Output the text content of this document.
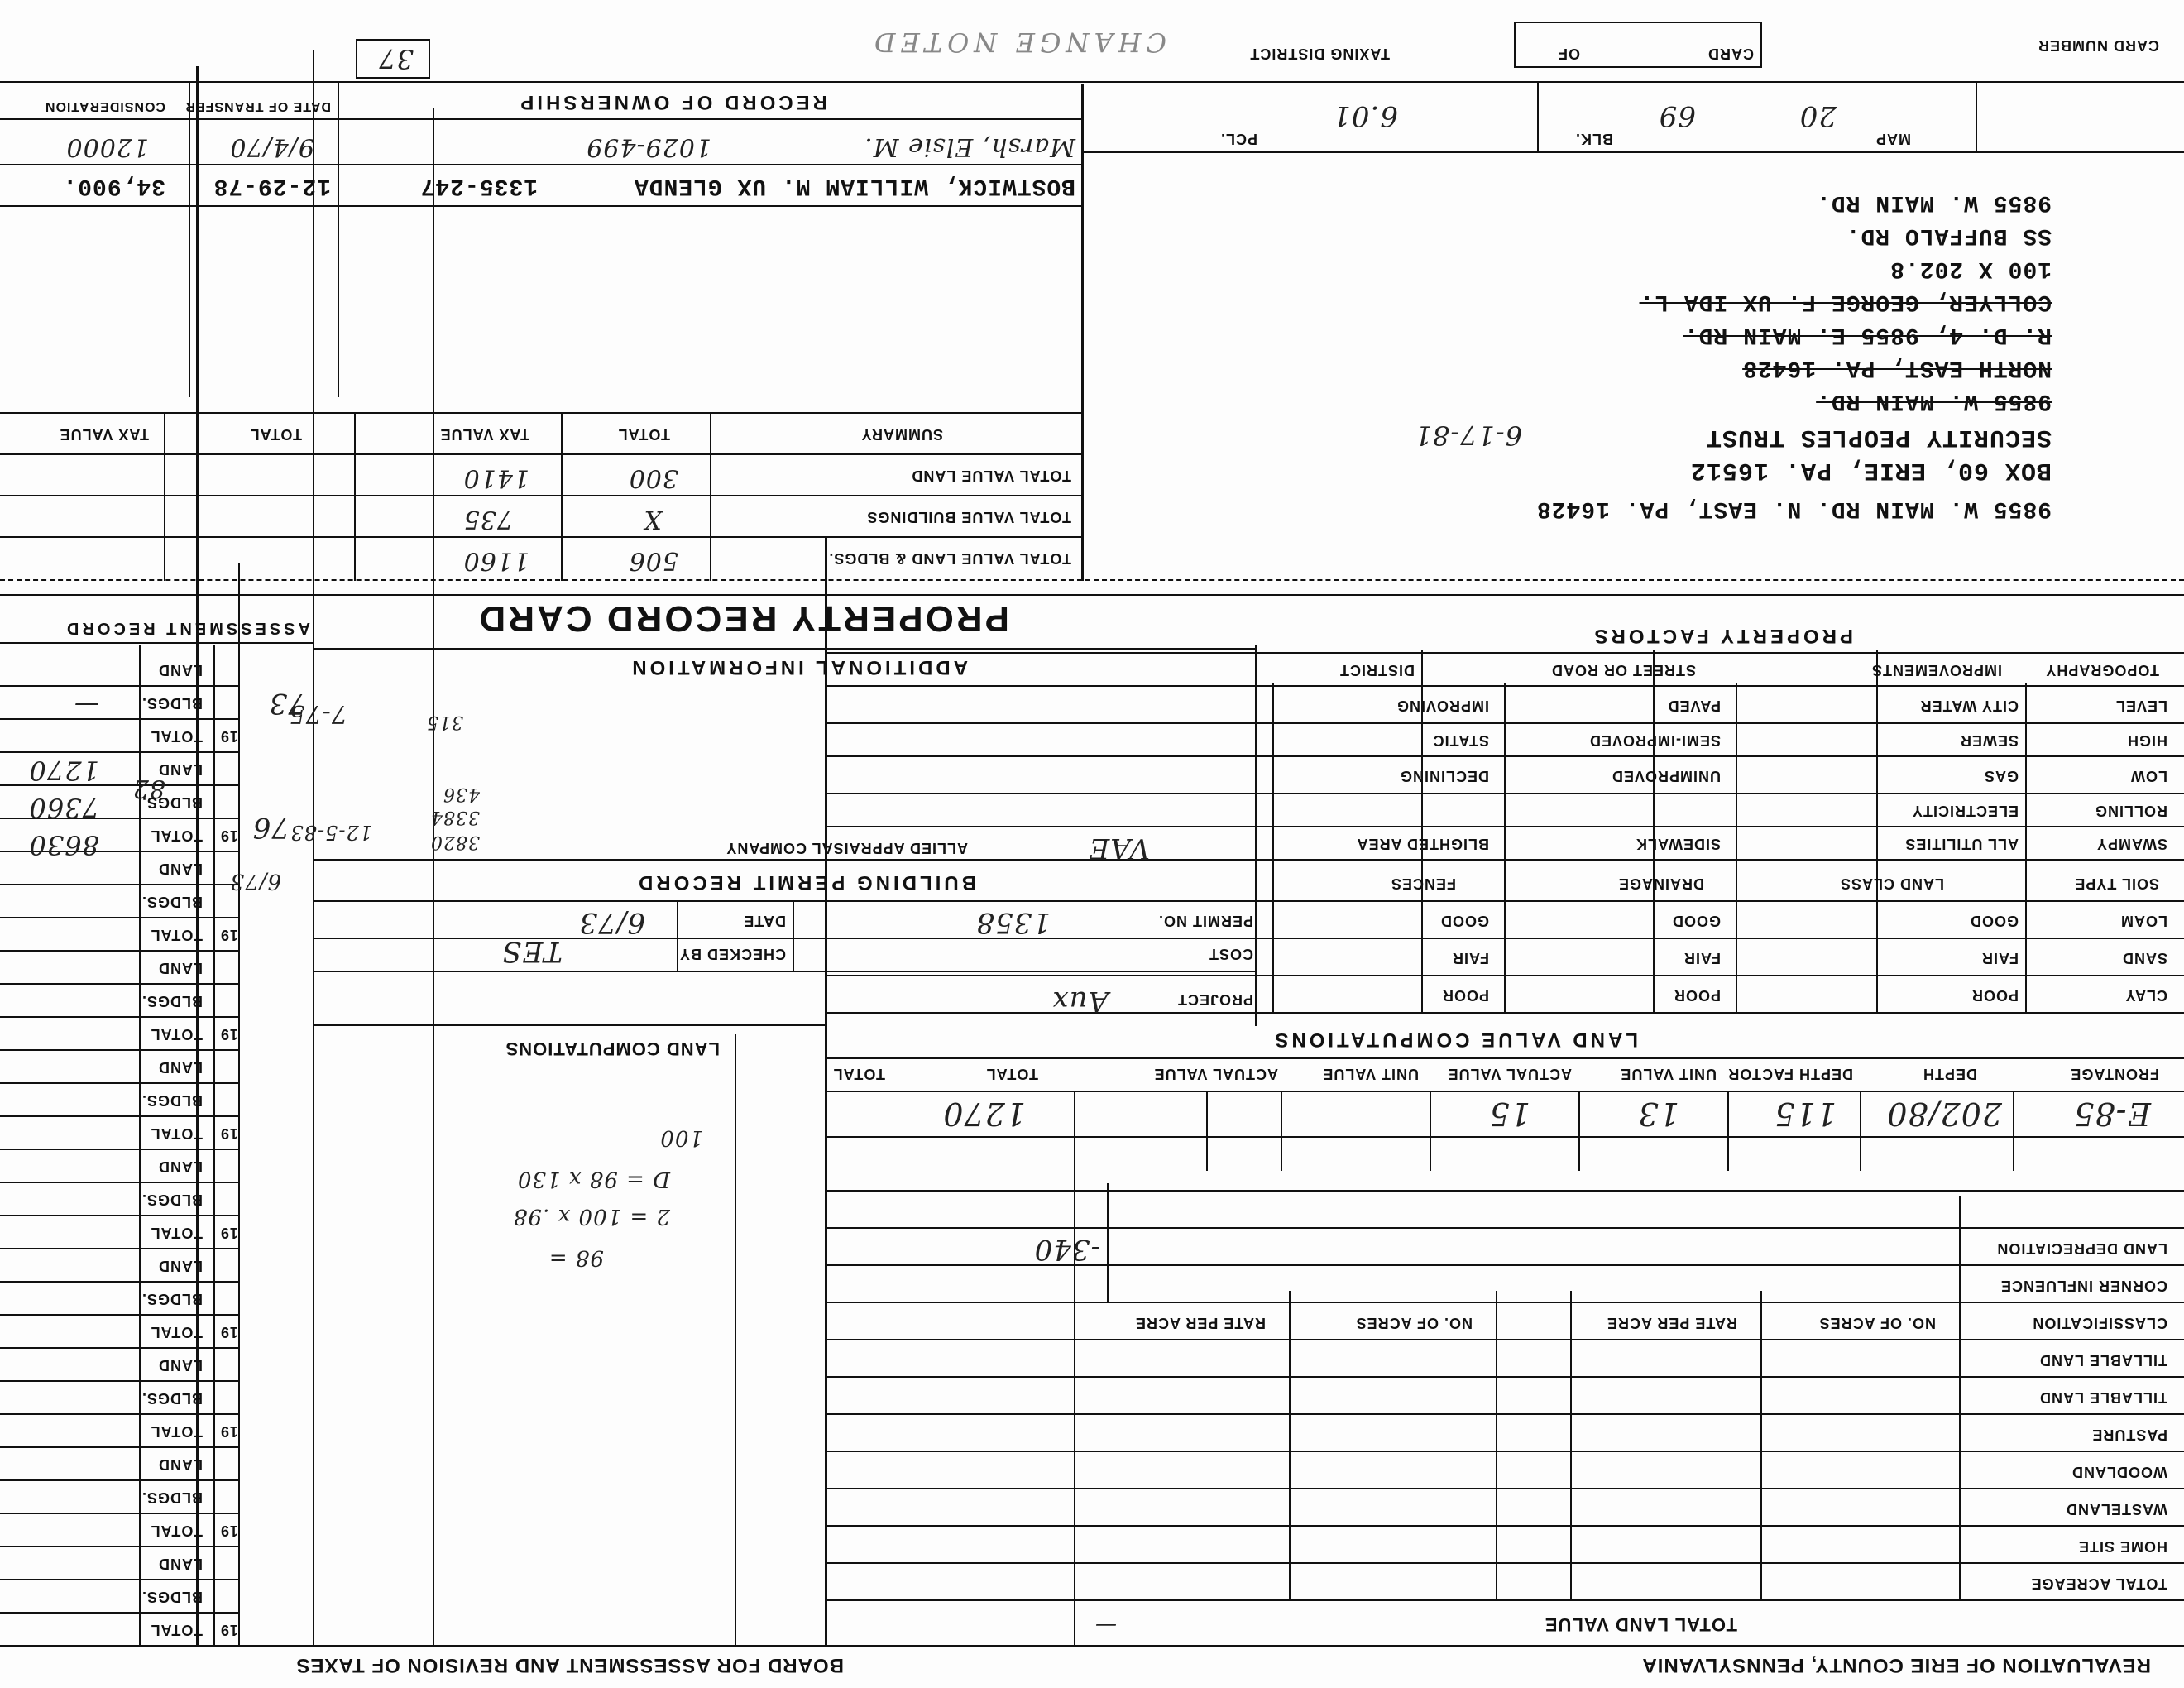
REVALUATION OF ERIE COUNTY, PENNSYLVANIA
BOARD FOR ASSESSMENT AND REVISION OF TAXES
TOTAL LAND VALUE
—
TOTAL ACREAGE
HOME SITE
WASTELAND
WOODLAND
PASTURE
TILLABLE LAND
TILLABLE LAND
CLASSIFICATION
NO. OF ACRES
RATE PER ACRE
NO. OF ACRES
RATE PER ACRE
CORNER INFLUENCE
LAND DEPRECIATION
-340
FRONTAGE
DEPTH
DEPTH FACTOR
UNIT VALUE
ACTUAL VALUE
UNIT VALUE
ACTUAL VALUE
TOTAL
TOTAL
E-85
202/80
115
13
15
1270
LAND VALUE COMPUTATIONS
LAND COMPUTATIONS
98 =
2 = 100 x .98
D = 98 x 130
100
CLAY
POOR
POOR
POOR
SAND
FAIR
FAIR
FAIR
LOAM
GOOD
GOOD
GOOD
SOIL TYPE
LAND CLASS
DRAINAGE
FENCES
SWAMPY
ALL UTILITIES
SIDEWALK
BLIGHTED AREA
ROLLING
ELECTRICITY
LOW
GAS
UNIMPROVED
DECLINING
HIGH
SEWER
SEMI-IMPROVED
STATIC
LEVEL
CITY WATER
PAVED
IMPROVING
TOPOGRAPHY
IMPROVEMENTS
STREET OR ROAD
DISTRICT
PROPERTY FACTORS
PROJECT
Aux
COST
CHECKED BY
TES
PERMIT NO.
1358
DATE
6/73
BUILDING PERMIT RECORD
ALLIED APPRAISAL COMPANY	VAE
3820
3384
436
315
ADDITIONAL INFORMATION
PROPERTY RECORD CARD
ASSESSMENT RECORD
LAND
BLDGS.
TOTAL 19
LAND
BLDGS.
TOTAL 19
LAND
BLDGS.
TOTAL 19
LAND
BLDGS.
TOTAL 19
LAND
BLDGS.
TOTAL 19
LAND
BLDGS.
TOTAL 19
LAND
BLDGS.
TOTAL 19
LAND
BLDGS.
TOTAL 19
LAND
BLDGS.
TOTAL 19
LAND
BLDGS.
TOTAL 19
73
—
76
1270
7360
8630
82
7-75
6/73
12-5-83
9855 W. MAIN RD. N. EAST, PA. 16428
BOX 60, ERIE, PA. 16512
SECURITY PEOPLES TRUST
6-17-81
9855 W. MAIN RD.
NORTH EAST, PA. 16428
R. D. 4, 9855 E. MAIN RD.
COLLYER, GEORGE F. UX IDA L.
100 X 202.8
SS BUFFALO RD.
9855 W. MAIN RD.
MAP
20
BLK.
69
PCL.
6.01
SUMMARY
TOTAL
TAX VALUE
TOTAL
TAX VALUE
TOTAL VALUE LAND
TOTAL VALUE BUILDINGS
TOTAL VALUE LAND & BLDGS.
300
1410
X
735
506
1160
RECORD OF OWNERSHIP
DATE OF TRANSFER
CONSIDERATION
Marsh, Elsie M.
1029-499
9/4/70
12000
BOSTWICK, WILLIAM M. UX GLENDA
1335-247
12-29-78
34,900.
CARD NUMBER
CARD
OF
TAXING DISTRICT
CHANGE NOTED
37
